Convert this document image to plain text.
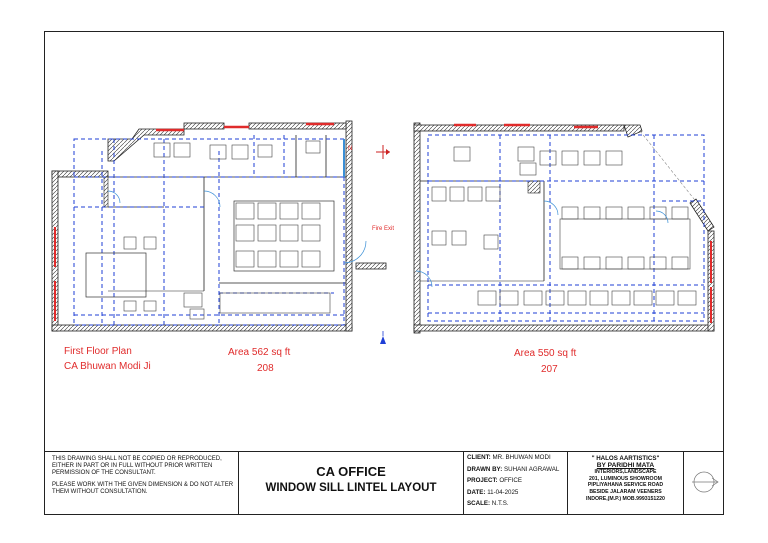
N
Fire Exit
First Floor Plan
CA Bhuwan Modi Ji
Area 562 sq ft
208
Area 550 sq ft
207
THIS DRAWING SHALL NOT BE COPIED OR REPRODUCED, EITHER IN PART OR IN FULL WITHOUT PRIOR WRITTEN PERMISSION OF THE CONSULTANT.
PLEASE WORK WITH THE GIVEN DIMENSION & DO NOT ALTER THEM WITHOUT CONSULTATION.
CA OFFICE
WINDOW SILL LINTEL LAYOUT
CLIENT: MR. BHUWAN MODI
DRAWN BY: SUHANI AGRAWAL
PROJECT: OFFICE
DATE: 11-04-2025
SCALE: N.T.S.
" HALOS AARTISTICS"
BY PARIDHI MATA
INTERIORS,LANDSCAPE
201, LUMINOUS SHOWROOM
PIPLIYAHANA SERVICE ROAD
BESIDE JALARAM VEENERS
INDORE,(M.P.) MOB.9993151220
